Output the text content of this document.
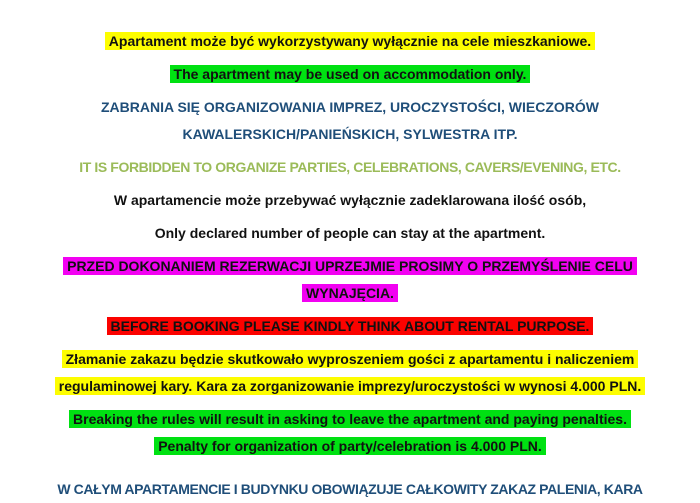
Apartament może być wykorzystywany wyłącznie na cele mieszkaniowe.
The apartment may be used on accommodation only.
ZABRANIA SIĘ ORGANIZOWANIA IMPREZ, UROCZYSTOŚCI, WIECZORÓW
KAWALERSKICH/PANIEŃSKICH, SYLWESTRA ITP.
IT IS FORBIDDEN TO ORGANIZE PARTIES, CELEBRATIONS, CAVERS/EVENING, ETC.
W apartamencie może przebywać wyłącznie zadeklarowana ilość osób,
Only declared number of people can stay at the apartment.
PRZED DOKONANIEM REZERWACJI UPRZEJMIE PROSIMY O PRZEMYŚLENIE CELU
WYNAJĘCIA.
BEFORE BOOKING PLEASE KINDLY THINK ABOUT RENTAL PURPOSE.
Złamanie zakazu będzie skutkowało wyproszeniem gości z apartamentu i naliczeniem
regulaminowej kary. Kara za zorganizowanie imprezy/uroczystości w wynosi 4.000 PLN.
Breaking the rules will result in asking to leave the apartment and paying penalties.
Penalty for organization of party/celebration is 4.000 PLN.
W CAŁYM APARTAMENCIE I BUDYNKU OBOWIĄZUJE CAŁKOWITY ZAKAZ PALENIA, KARA
